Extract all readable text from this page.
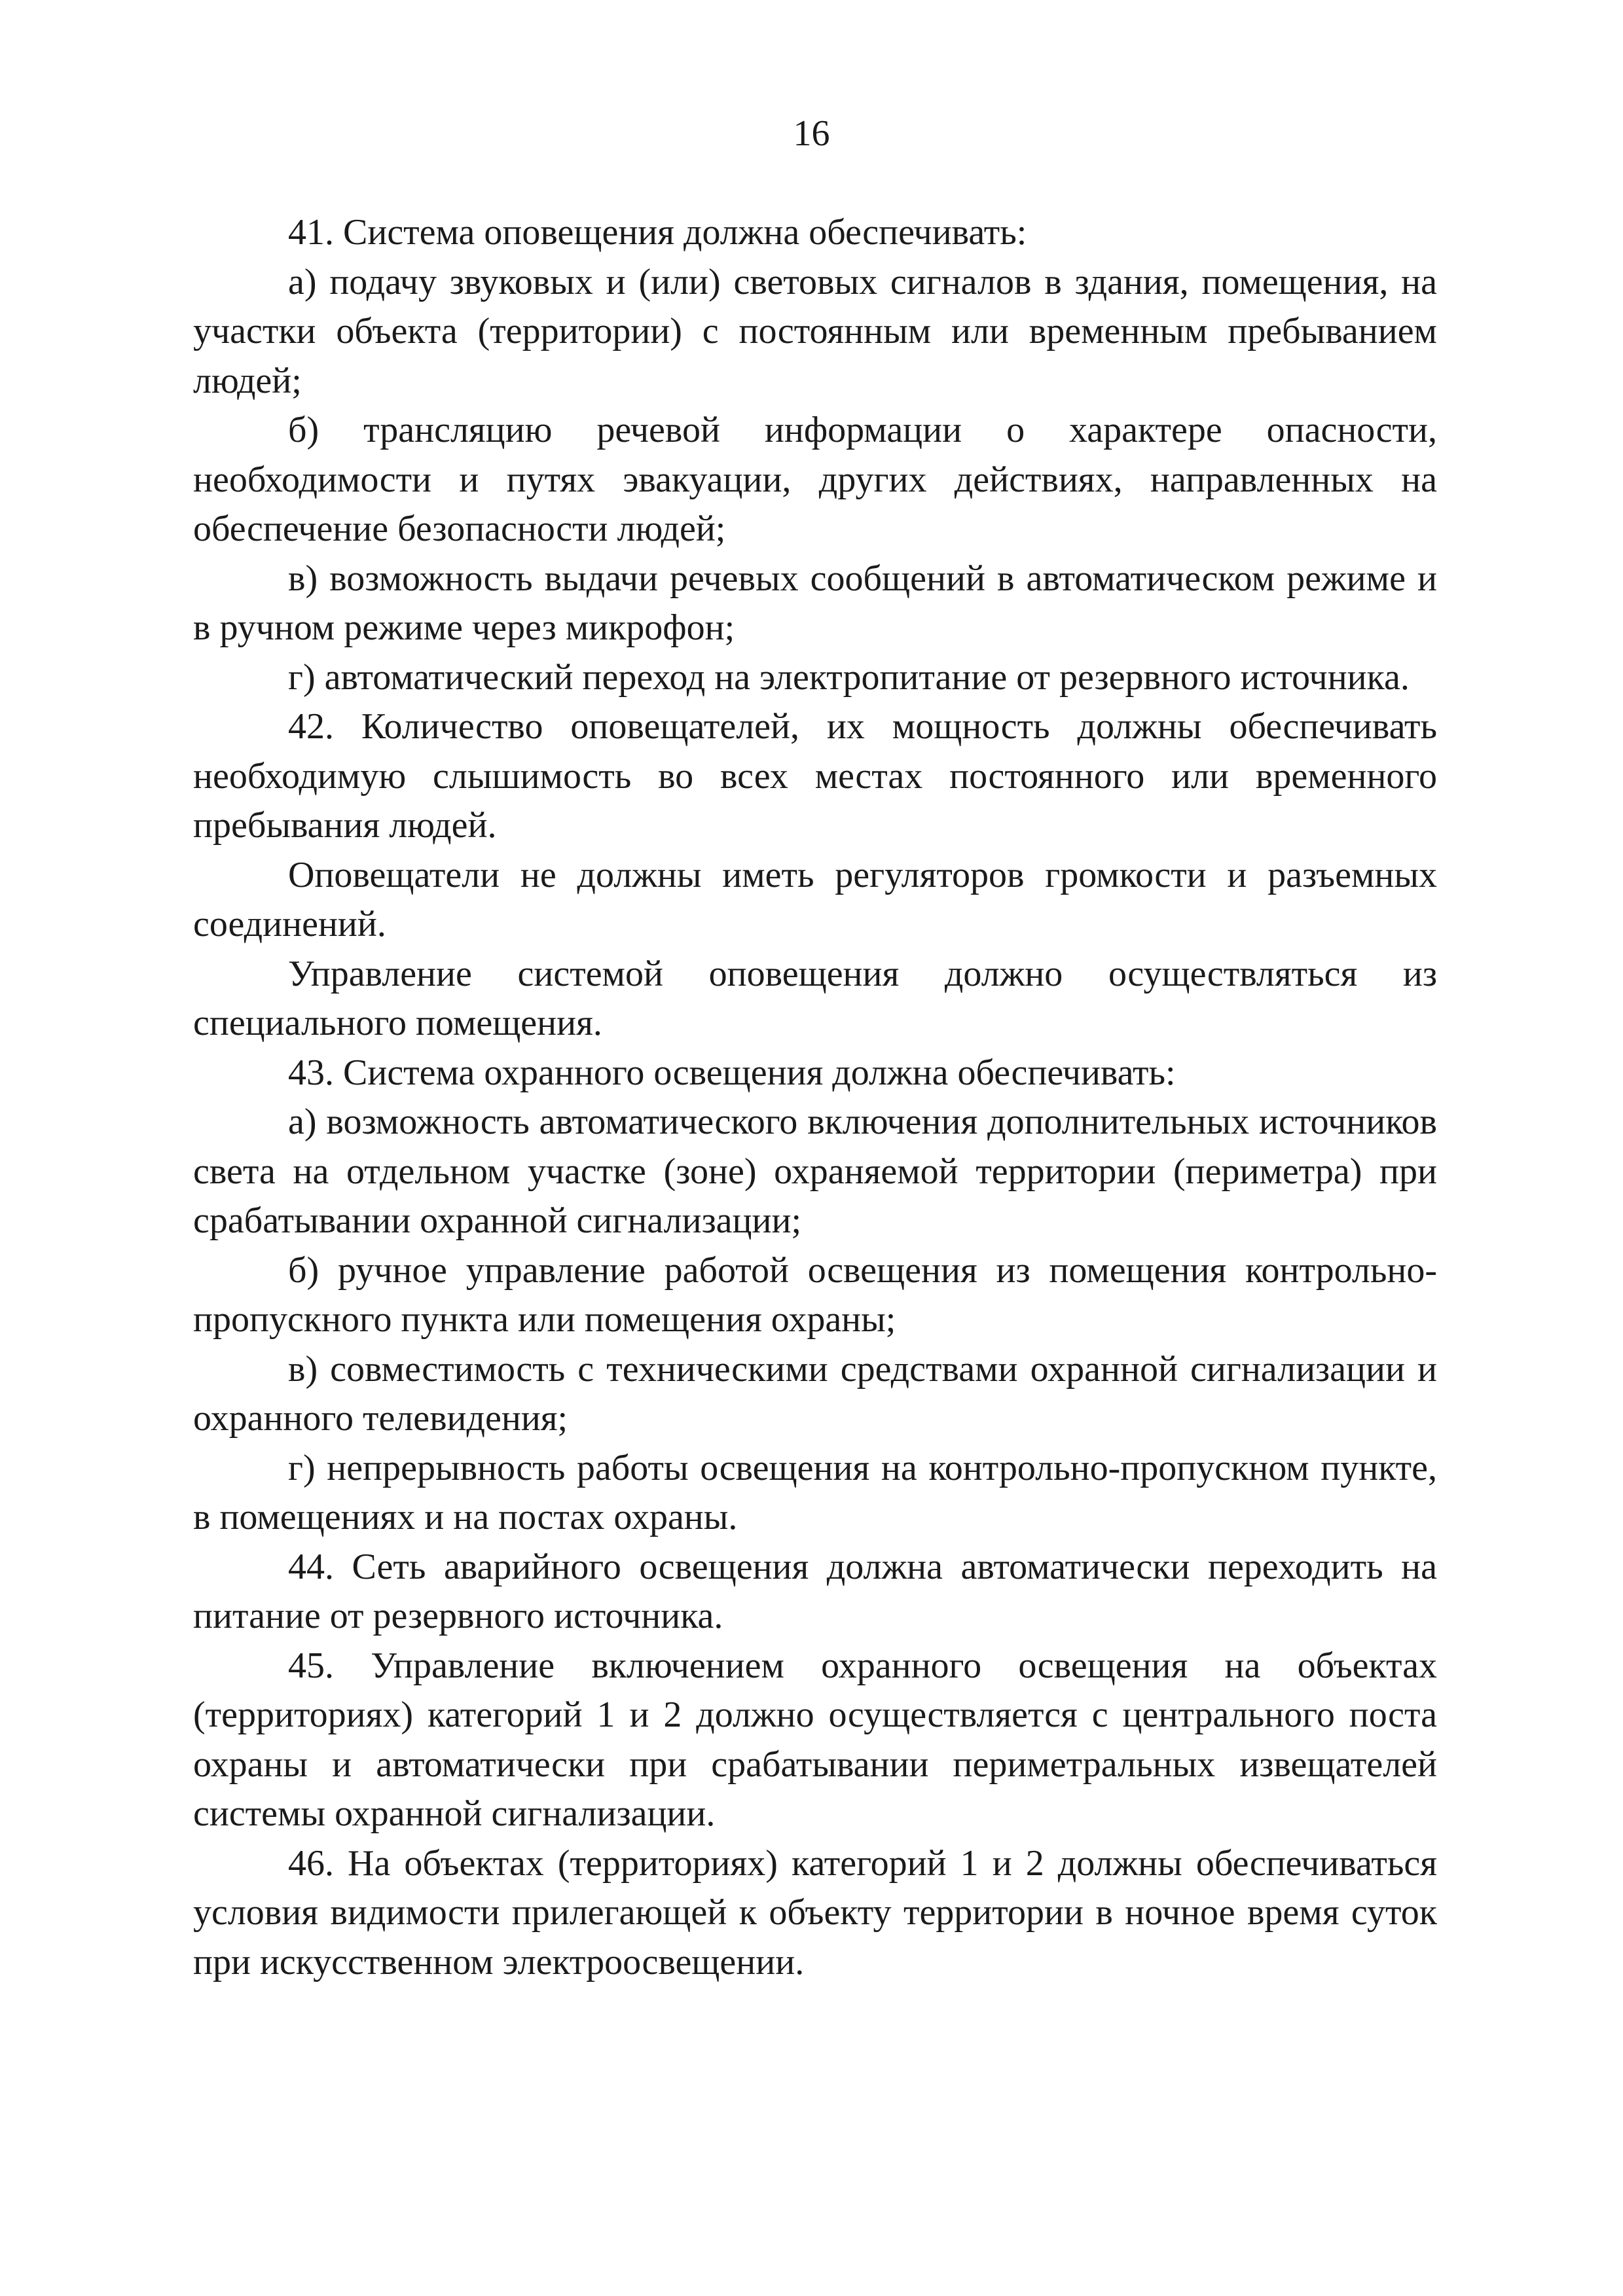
16

41. Система оповещения должна обеспечивать:

а) подачу звуковых и (или) световых сигналов в здания, помещения, на участки объекта (территории) с постоянным или временным пребыванием людей;

б) трансляцию речевой информации о характере опасности, необходимости и путях эвакуации, других действиях, направленных на обеспечение безопасности людей;

в) возможность выдачи речевых сообщений в автоматическом режиме и в ручном режиме через микрофон;

г) автоматический переход на электропитание от резервного источника.

42. Количество оповещателей, их мощность должны обеспечивать необходимую слышимость во всех местах постоянного или временного пребывания людей.

Оповещатели не должны иметь регуляторов громкости и разъемных соединений.

Управление системой оповещения должно осуществляться из специального помещения.

43. Система охранного освещения должна обеспечивать:

а) возможность автоматического включения дополнительных источников света на отдельном участке (зоне) охраняемой территории (периметра) при срабатывании охранной сигнализации;

б) ручное управление работой освещения из помещения контрольно-пропускного пункта или помещения охраны;

в) совместимость с техническими средствами охранной сигнализации и охранного телевидения;

г) непрерывность работы освещения на контрольно-пропускном пункте, в помещениях и на постах охраны.

44. Сеть аварийного освещения должна автоматически переходить на питание от резервного источника.

45. Управление включением охранного освещения на объектах (территориях) категорий 1 и 2 должно осуществляется с центрального поста охраны и автоматически при срабатывании периметральных извещателей системы охранной сигнализации.

46. На объектах (территориях) категорий 1 и 2 должны обеспечиваться условия видимости прилегающей к объекту территории в ночное время суток при искусственном электроосвещении.
